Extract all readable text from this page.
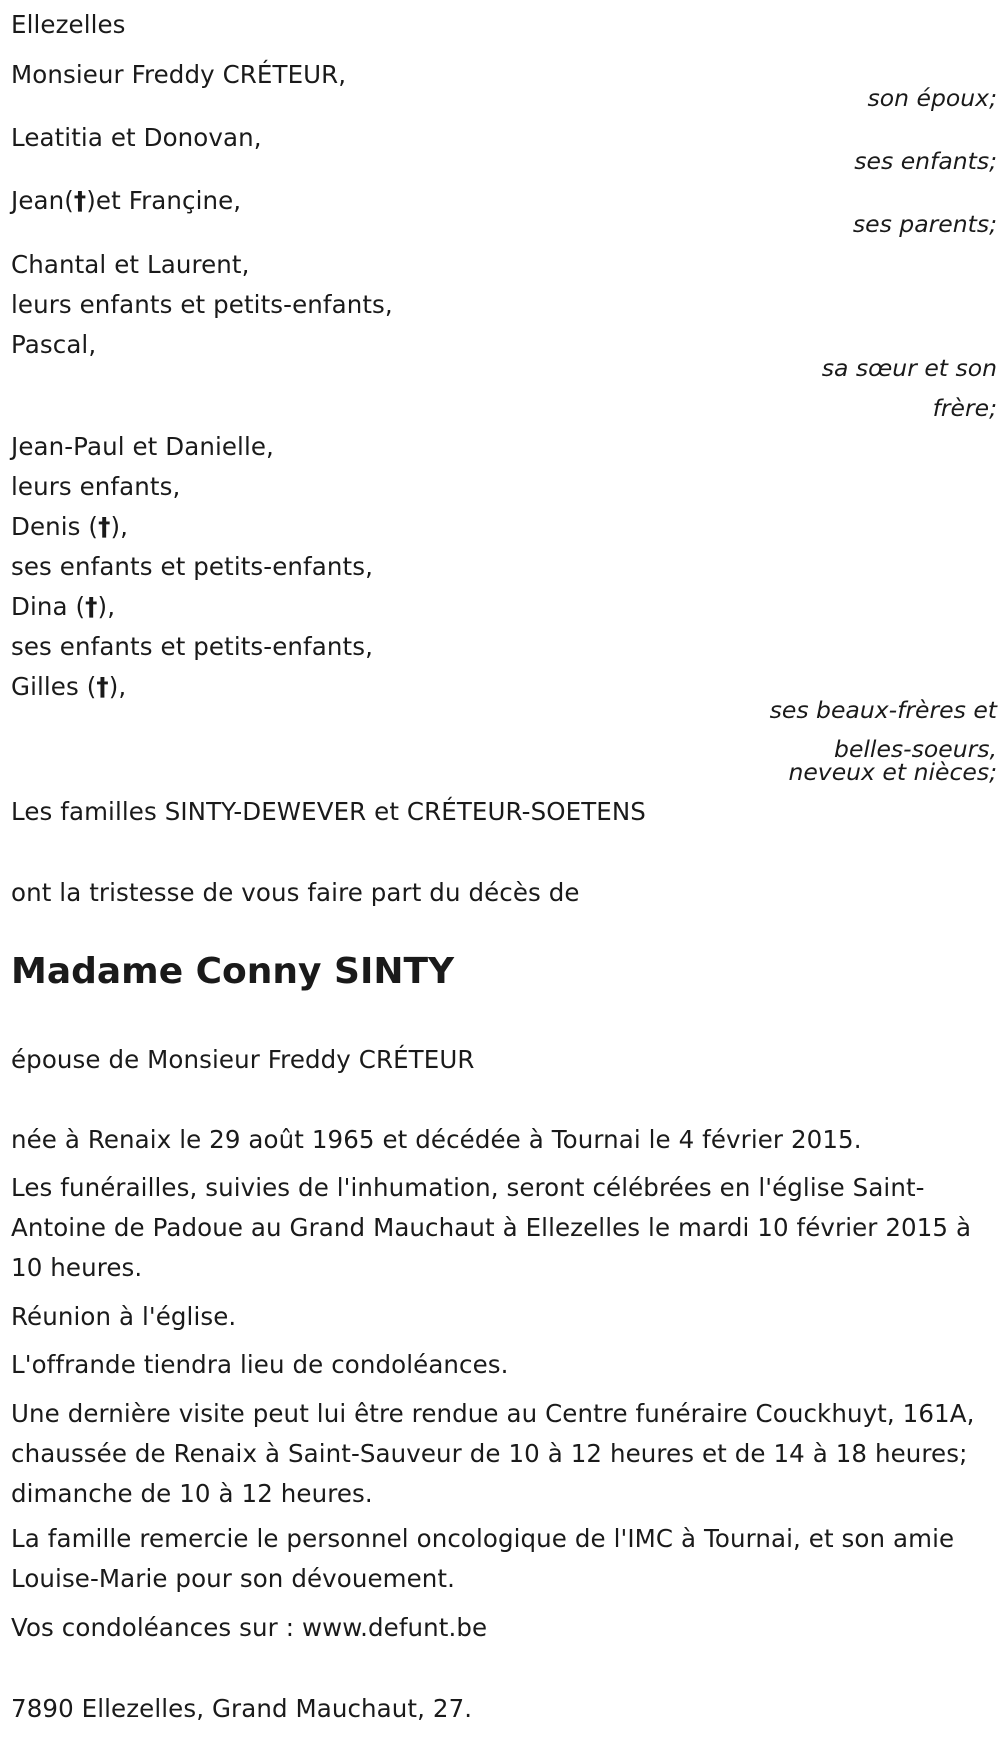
Ellezelles
Monsieur Freddy CRÉTEUR,
son époux;
Leatitia et Donovan,
ses enfants;
Jean(†)et Françine,
ses parents;
Chantal et Laurent,
leurs enfants et petits-enfants,
Pascal,
sa sœur et son
frère;
Jean-Paul et Danielle,
leurs enfants,
Denis (†),
ses enfants et petits-enfants,
Dina (†),
ses enfants et petits-enfants,
Gilles (†),
ses beaux-frères et
belles-soeurs,
neveux et nièces;
Les familles SINTY-DEWEVER et CRÉTEUR-SOETENS
ont la tristesse de vous faire part du décès de
Madame Conny SINTY
épouse de Monsieur Freddy CRÉTEUR
née à Renaix le 29 août 1965 et décédée à Tournai le 4 février 2015.
Les funérailles, suivies de l'inhumation, seront célébrées en l'église Saint-Antoine de Padoue au Grand Mauchaut à Ellezelles le mardi 10 février 2015 à 10 heures.
Réunion à l'église.
L'offrande tiendra lieu de condoléances.
Une dernière visite peut lui être rendue au Centre funéraire Couckhuyt, 161A, chaussée de Renaix à Saint-Sauveur de 10 à 12 heures et de 14 à 18 heures; dimanche de 10 à 12 heures.
La famille remercie le personnel oncologique de l'IMC à Tournai, et son amie Louise-Marie pour son dévouement.
Vos condoléances sur : www.defunt.be
7890 Ellezelles, Grand Mauchaut, 27.
